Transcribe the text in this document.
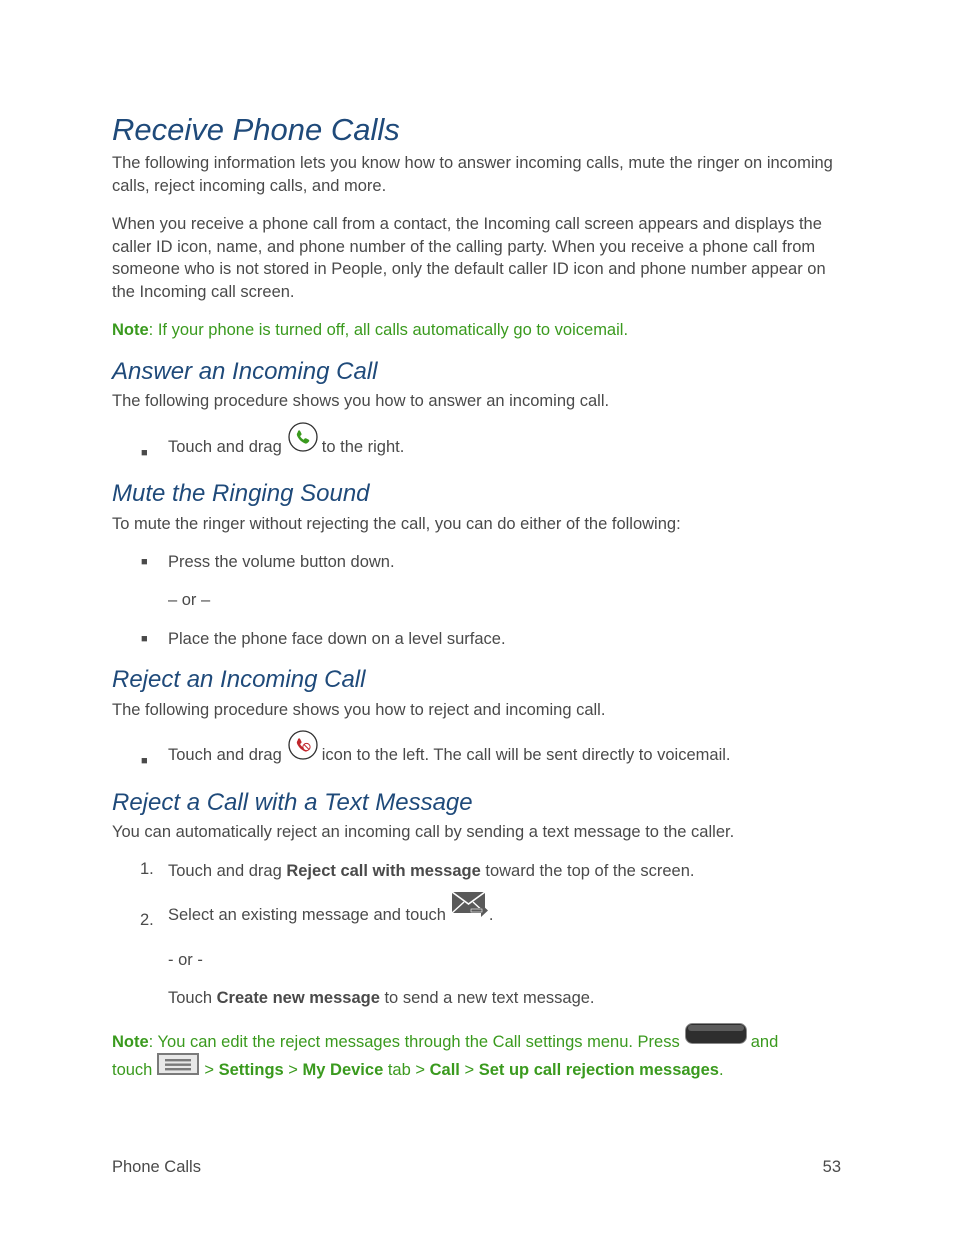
Receive Phone Calls
The following information lets you know how to answer incoming calls, mute the ringer on incoming calls, reject incoming calls, and more.
When you receive a phone call from a contact, the Incoming call screen appears and displays the caller ID icon, name, and phone number of the calling party. When you receive a phone call from someone who is not stored in People, only the default caller ID icon and phone number appear on the Incoming call screen.
Note: If your phone is turned off, all calls automatically go to voicemail.
Answer an Incoming Call
The following procedure shows you how to answer an incoming call.
■ Touch and drag to the right.
Mute the Ringing Sound
To mute the ringer without rejecting the call, you can do either of the following:
■ Press the volume button down.
– or –
■ Place the phone face down on a level surface.
Reject an Incoming Call
The following procedure shows you how to reject and incoming call.
■ Touch and drag icon to the left. The call will be sent directly to voicemail.
Reject a Call with a Text Message
You can automatically reject an incoming call by sending a text message to the caller.
1. Touch and drag Reject call with message toward the top of the screen.
2. Select an existing message and touch	.
- or -
Touch Create new message to send a new text message.
Note : You can edit the reject messages through the Call settings menu. Press	and
touch	>
Settings
>
My Device
tab >
Call
>
Set up call rejection messages .
Phone Calls	53
